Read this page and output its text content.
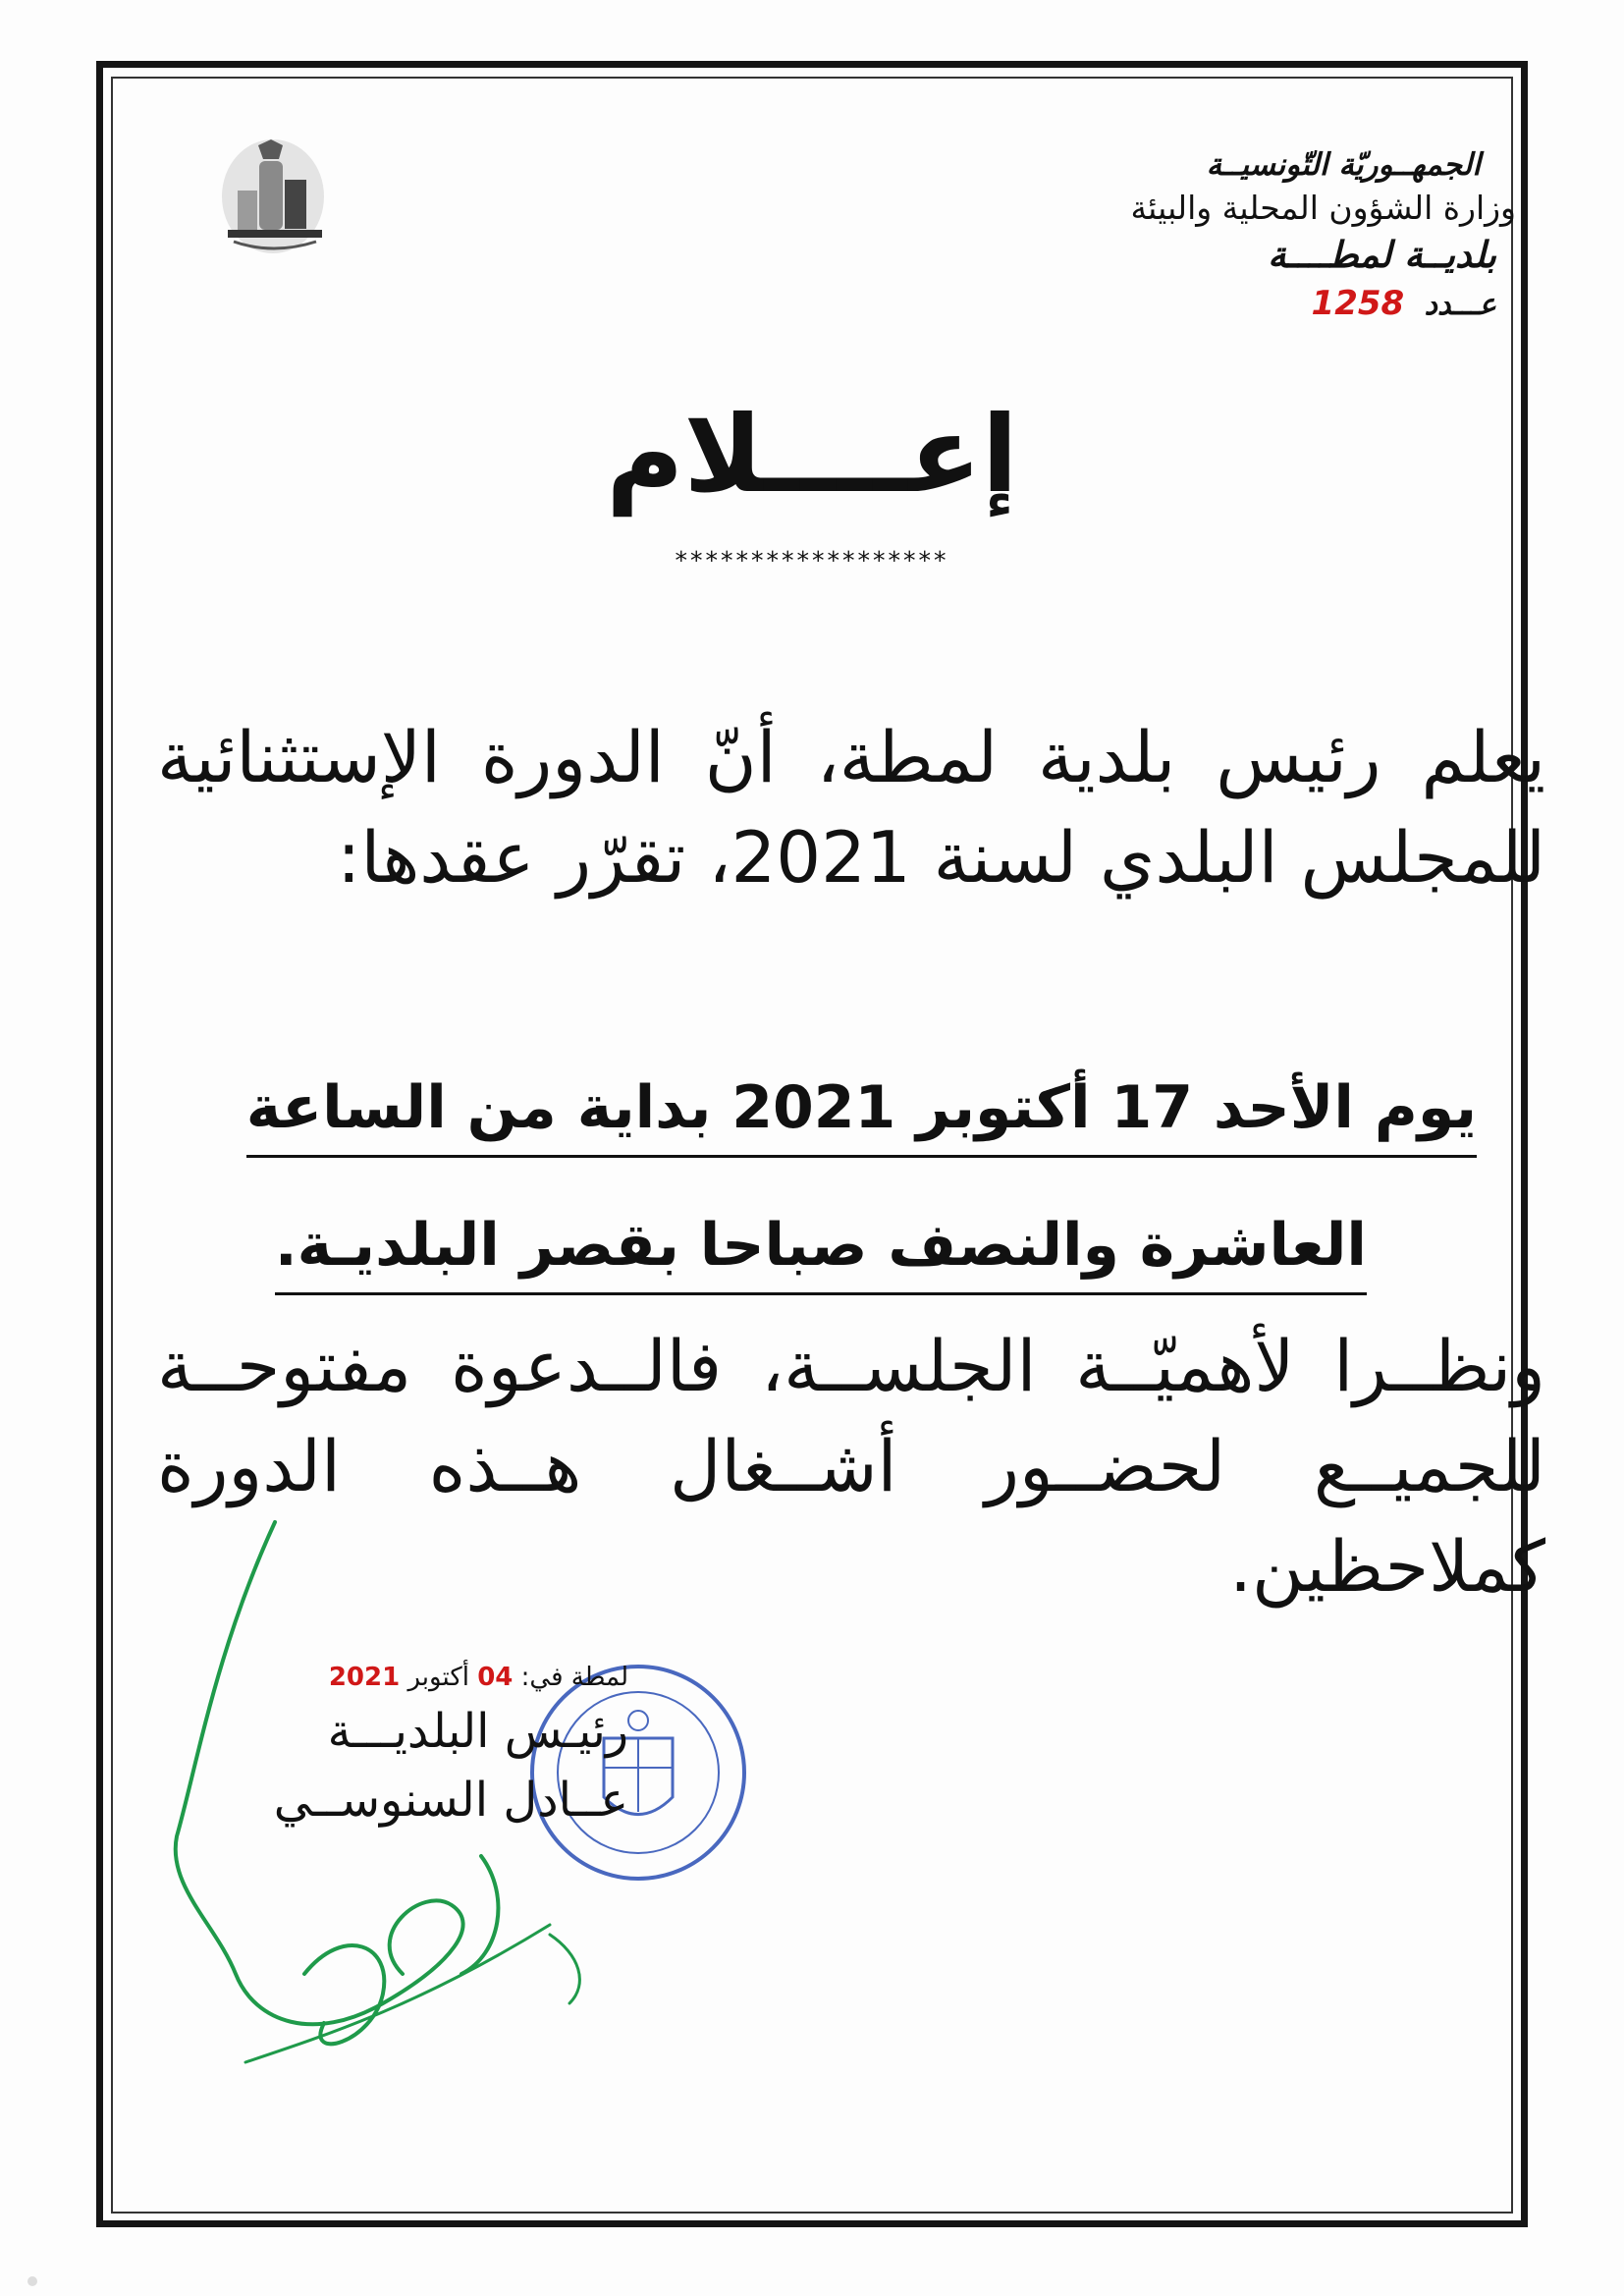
الجمهــوريّة التّونسيــة
وزارة الشؤون المحلية والبيئة
بلديــة لمطــــة
عـــدد 1258
إعــــلام
******************
يعلم رئيس بلدية لمطة، أنّ الدورة الإستثنائية للمجلس البلدي لسنة 2021، تقرّر عقدها:
يوم الأحد 17 أكتوبر 2021 بداية من الساعة
العاشرة والنصف صباحا بقصر البلديـة.
ونظــرا لأهميّــة الجلســة، فالــدعوة مفتوحــة للجميــع لحضــور أشــغال هــذه الدورة كملاحظين.
لمطة في: 04 أكتوبر 2021
رئيـس البلديـــة
عــادل السنوســي
